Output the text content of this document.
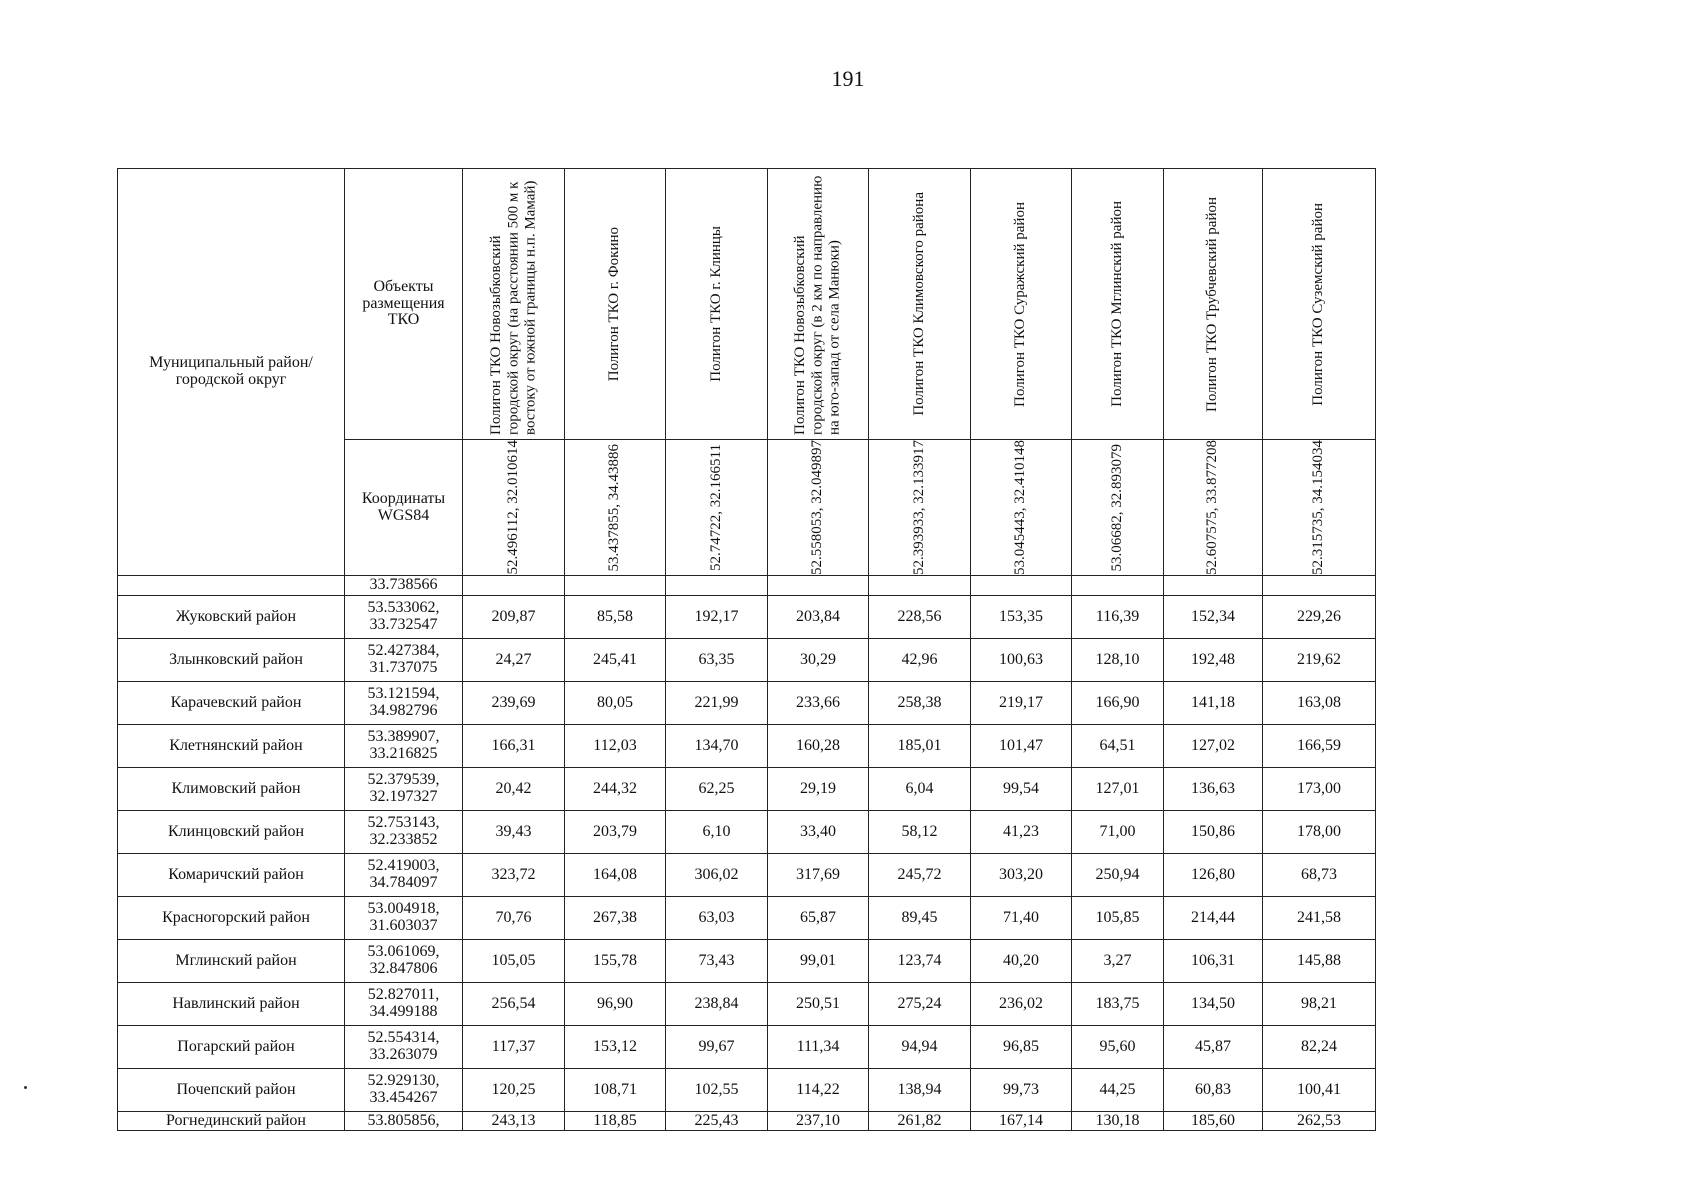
191
Муниципальный район/городской округ	Объекты размещения ТКО	Полигон ТКО Новозыбковский городской округ (на расстоянии 500 м к востоку от южной границы н.п. Мамай)	Полигон ТКО г. Фокино	Полигон ТКО г. Клинцы	Полигон ТКО Новозыбковский городской округ (в 2 км по направлению на юго-запад от села Манюки)	Полигон ТКО Климовского района	Полигон ТКО Суражский район	Полигон ТКО Мглинский район	Полигон ТКО Трубчевский район	Полигон ТКО Суземский район

	Координаты WGS84	52.496112, 32.010614	53.437855, 34.43886	52.74722, 32.166511	52.558053, 32.049897	52.393933, 32.133917	53.045443, 32.410148	53.06682, 32.893079	52.607575, 33.877208	52.315735, 34.154034

	33.738566									
Жуковский район	53.533062, 33.732547	209,87	85,58	192,17	203,84	228,56	153,35	116,39	152,34	229,26
Злынковский район	52.427384, 31.737075	24,27	245,41	63,35	30,29	42,96	100,63	128,10	192,48	219,62
Карачевский район	53.121594, 34.982796	239,69	80,05	221,99	233,66	258,38	219,17	166,90	141,18	163,08
Клетнянский район	53.389907, 33.216825	166,31	112,03	134,70	160,28	185,01	101,47	64,51	127,02	166,59
Климовский район	52.379539, 32.197327	20,42	244,32	62,25	29,19	6,04	99,54	127,01	136,63	173,00
Клинцовский район	52.753143, 32.233852	39,43	203,79	6,10	33,40	58,12	41,23	71,00	150,86	178,00
Комаричский район	52.419003, 34.784097	323,72	164,08	306,02	317,69	245,72	303,20	250,94	126,80	68,73
Красногорский район	53.004918, 31.603037	70,76	267,38	63,03	65,87	89,45	71,40	105,85	214,44	241,58
Мглинский район	53.061069, 32.847806	105,05	155,78	73,43	99,01	123,74	40,20	3,27	106,31	145,88
Навлинский район	52.827011, 34.499188	256,54	96,90	238,84	250,51	275,24	236,02	183,75	134,50	98,21
Погарский район	52.554314, 33.263079	117,37	153,12	99,67	111,34	94,94	96,85	95,60	45,87	82,24
Почепский район	52.929130, 33.454267	120,25	108,71	102,55	114,22	138,94	99,73	44,25	60,83	100,41
Рогнединский район	53.805856,	243,13	118,85	225,43	237,10	261,82	167,14	130,18	185,60	262,53
